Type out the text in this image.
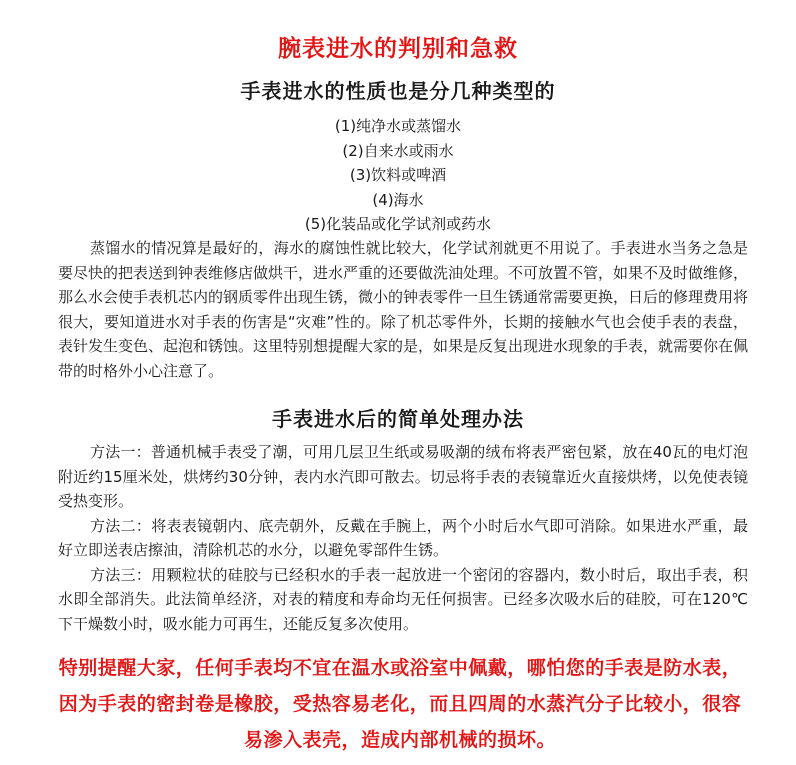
腕表进水的判别和急救
手表进水的性质也是分几种类型的
(1)纯净水或蒸馏水
(2)自来水或雨水
(3)饮料或啤酒
(4)海水
(5)化装品或化学试剂或药水

蒸馏水的情况算是最好的，海水的腐蚀性就比较大，化学试剂就更不用说了。手表进水当务之急是要尽快的把表送到钟表维修店做烘干，进水严重的还要做洗油处理。不可放置不管，如果不及时做维修，那么水会使手表机芯内的钢质零件出现生锈，微小的钟表零件一旦生锈通常需要更换，日后的修理费用将很大，要知道进水对手表的伤害是“灾难”性的。除了机芯零件外，长期的接触水气也会使手表的表盘，表针发生变色、起泡和锈蚀。这里特别想提醒大家的是，如果是反复出现进水现象的手表，就需要你在佩带的时格外小心注意了。

手表进水后的简单处理办法
方法一：普通机械手表受了潮，可用几层卫生纸或易吸潮的绒布将表严密包紧，放在40瓦的电灯泡附近约15厘米处，烘烤约30分钟，表内水汽即可散去。切忌将手表的表镜靠近火直接烘烤，以免使表镜受热变形。
方法二：将表表镜朝内、底壳朝外，反戴在手腕上，两个小时后水气即可消除。如果进水严重，最好立即送表店擦油，清除机芯的水分，以避免零部件生锈。
方法三：用颗粒状的硅胶与已经积水的手表一起放进一个密闭的容器内，数小时后，取出手表，积水即全部消失。此法简单经济，对表的精度和寿命均无任何损害。已经多次吸水后的硅胶，可在120℃下干燥数小时，吸水能力可再生，还能反复多次使用。
特别提醒大家，任何手表均不宜在温水或浴室中佩戴，哪怕您的手表是防水表，因为手表的密封卷是橡胶，受热容易老化，而且四周的水蒸汽分子比较小，很容易渗入表壳，造成内部机械的损坏。
